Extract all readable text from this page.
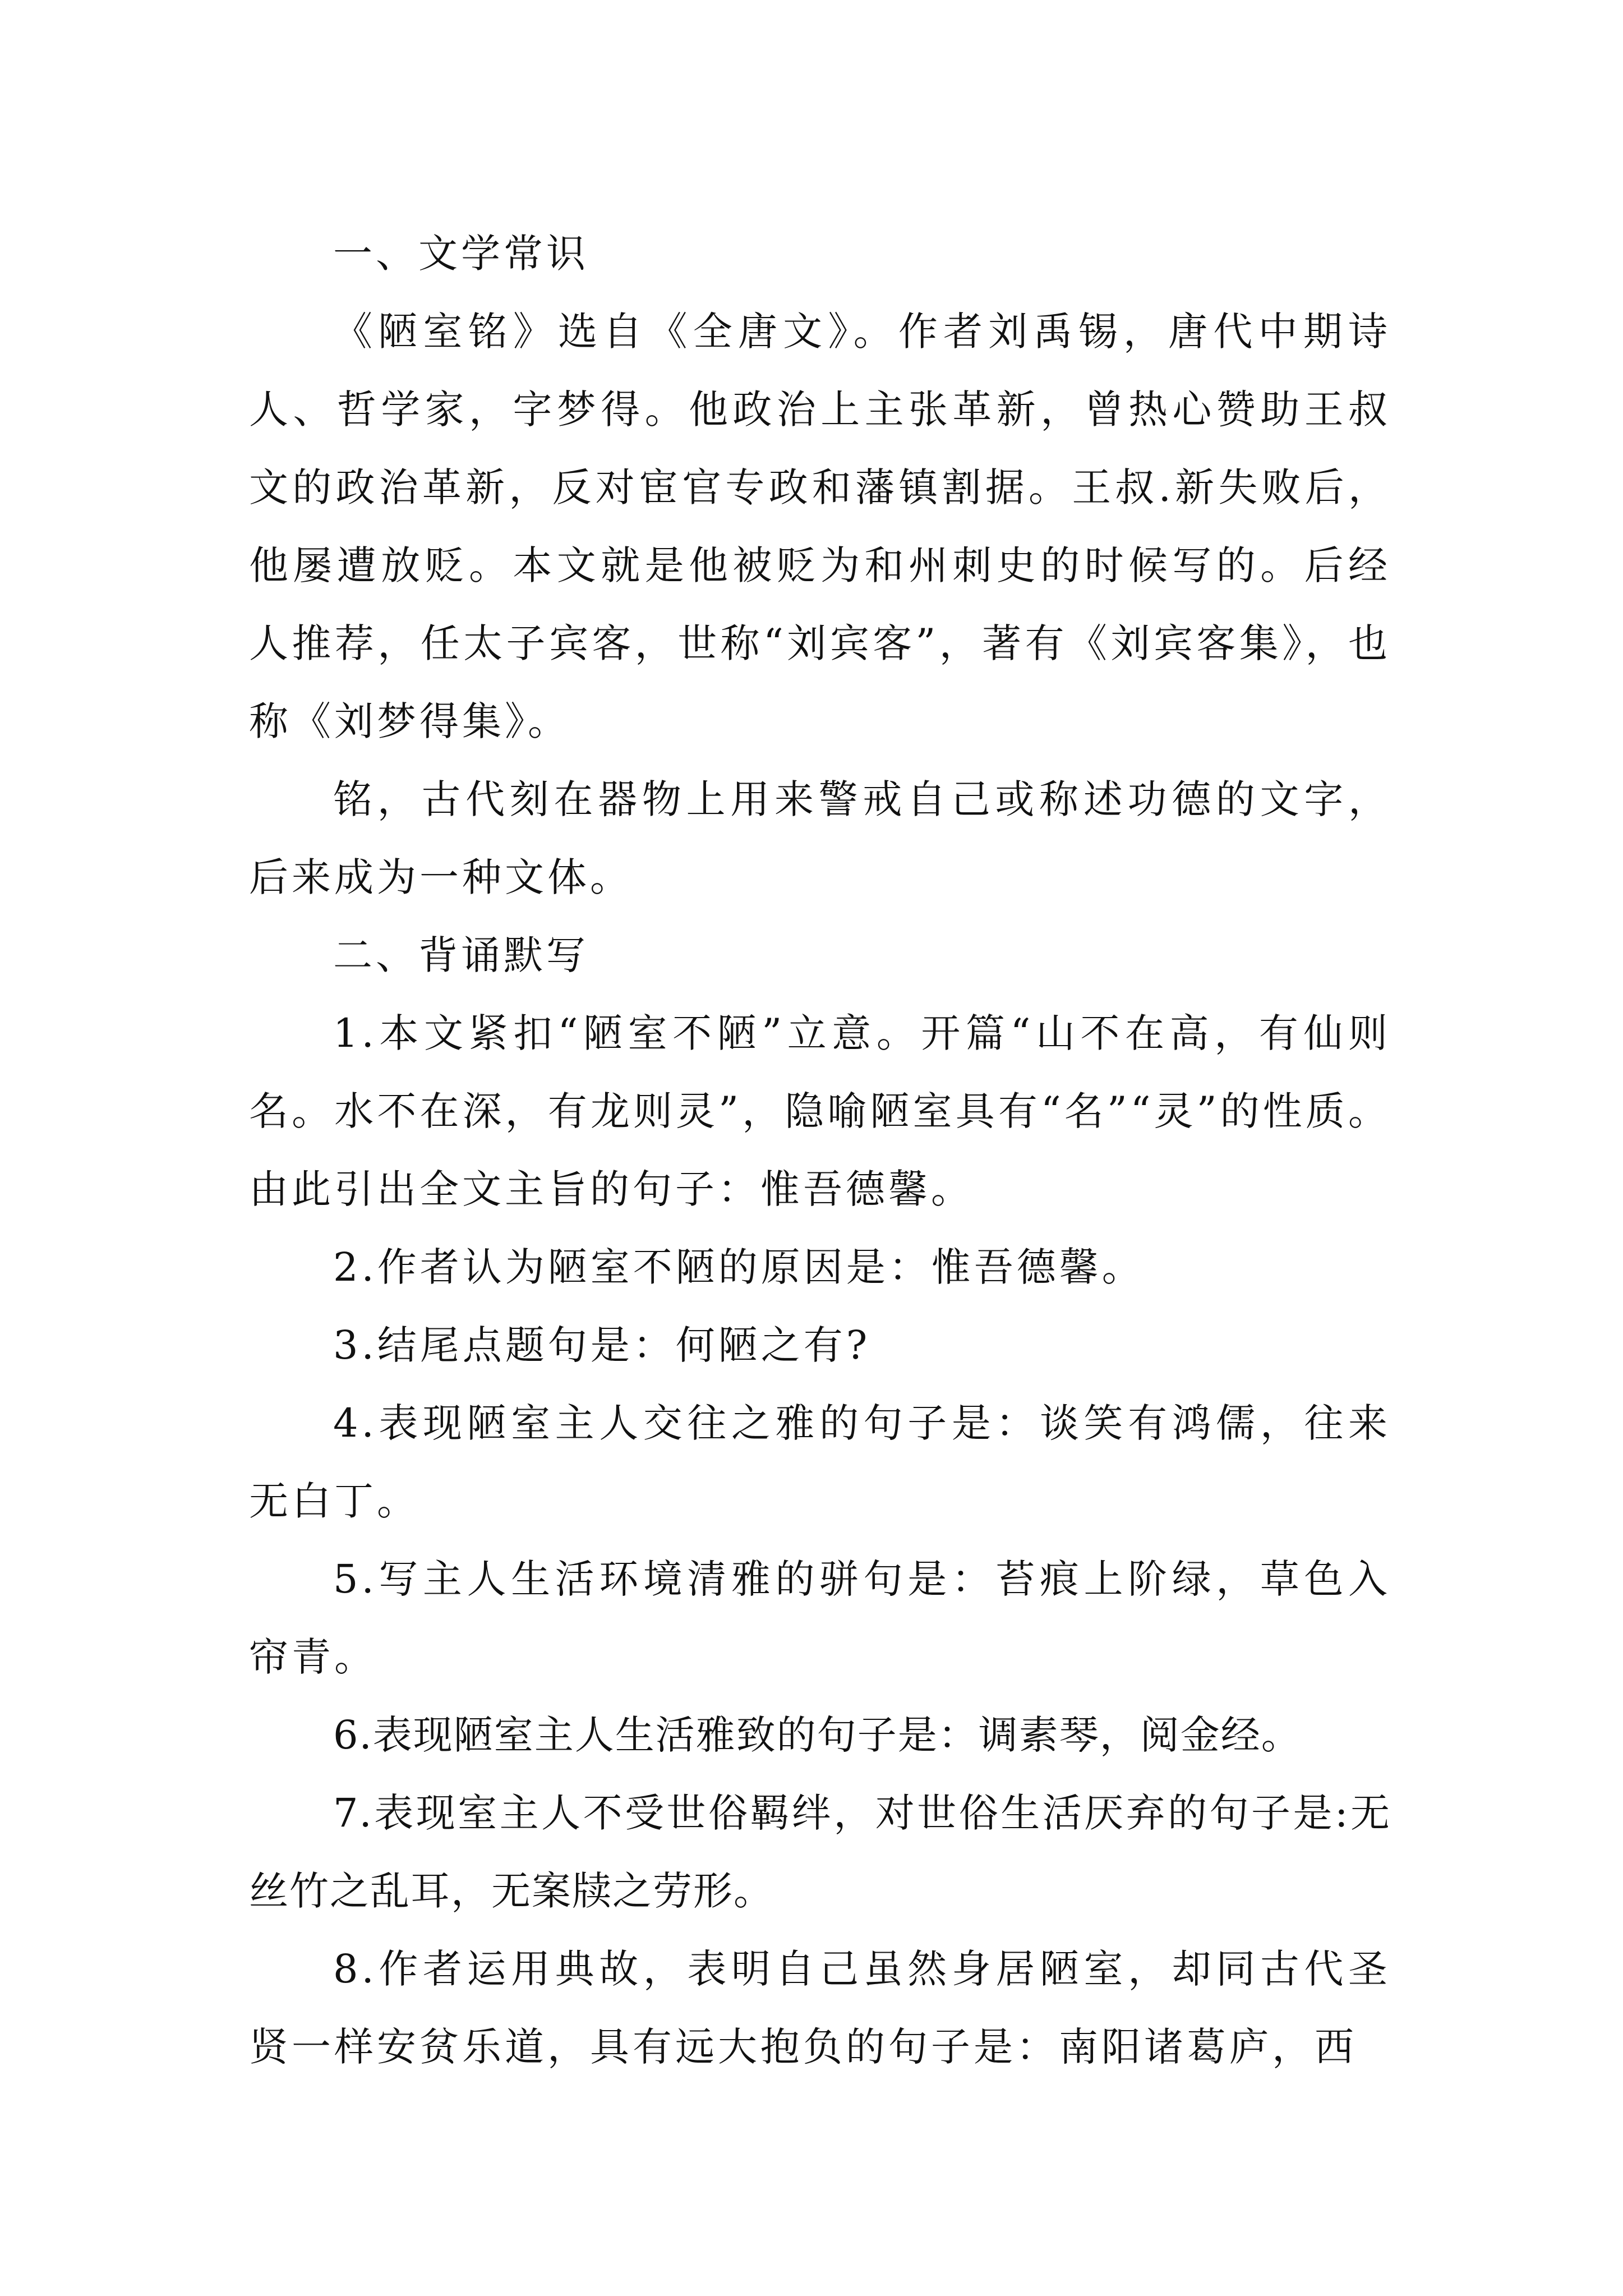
一、文学常识

《陋室铭》选自《全唐文》。作者刘禹锡，唐代中期诗人、哲学家，字梦得。他政治上主张革新，曾热心赞助王叔文的政治革新，反对宦官专政和藩镇割据。王叔.新失败后，他屡遭放贬。本文就是他被贬为和州刺史的时候写的。后经人推荐，任太子宾客，世称“刘宾客”，著有《刘宾客集》，也称《刘梦得集》。

铭，古代刻在器物上用来警戒自己或称述功德的文字，后来成为一种文体。

二、背诵默写

1.本文紧扣“陋室不陋”立意。开篇“山不在高，有仙则名。水不在深，有龙则灵”，隐喻陋室具有“名”“灵”的性质。由此引出全文主旨的句子：惟吾德馨。

2.作者认为陋室不陋的原因是：惟吾德馨。

3.结尾点题句是：何陋之有?

4.表现陋室主人交往之雅的句子是：谈笑有鸿儒，往来无白丁。

5.写主人生活环境清雅的骈句是：苔痕上阶绿，草色入帘青。

6.表现陋室主人生活雅致的句子是：调素琴，阅金经。

7.表现室主人不受世俗羁绊，对世俗生活厌弃的句子是:无丝竹之乱耳，无案牍之劳形。

8.作者运用典故，表明自己虽然身居陋室，却同古代圣贤一样安贫乐道，具有远大抱负的句子是：南阳诸葛庐，西
